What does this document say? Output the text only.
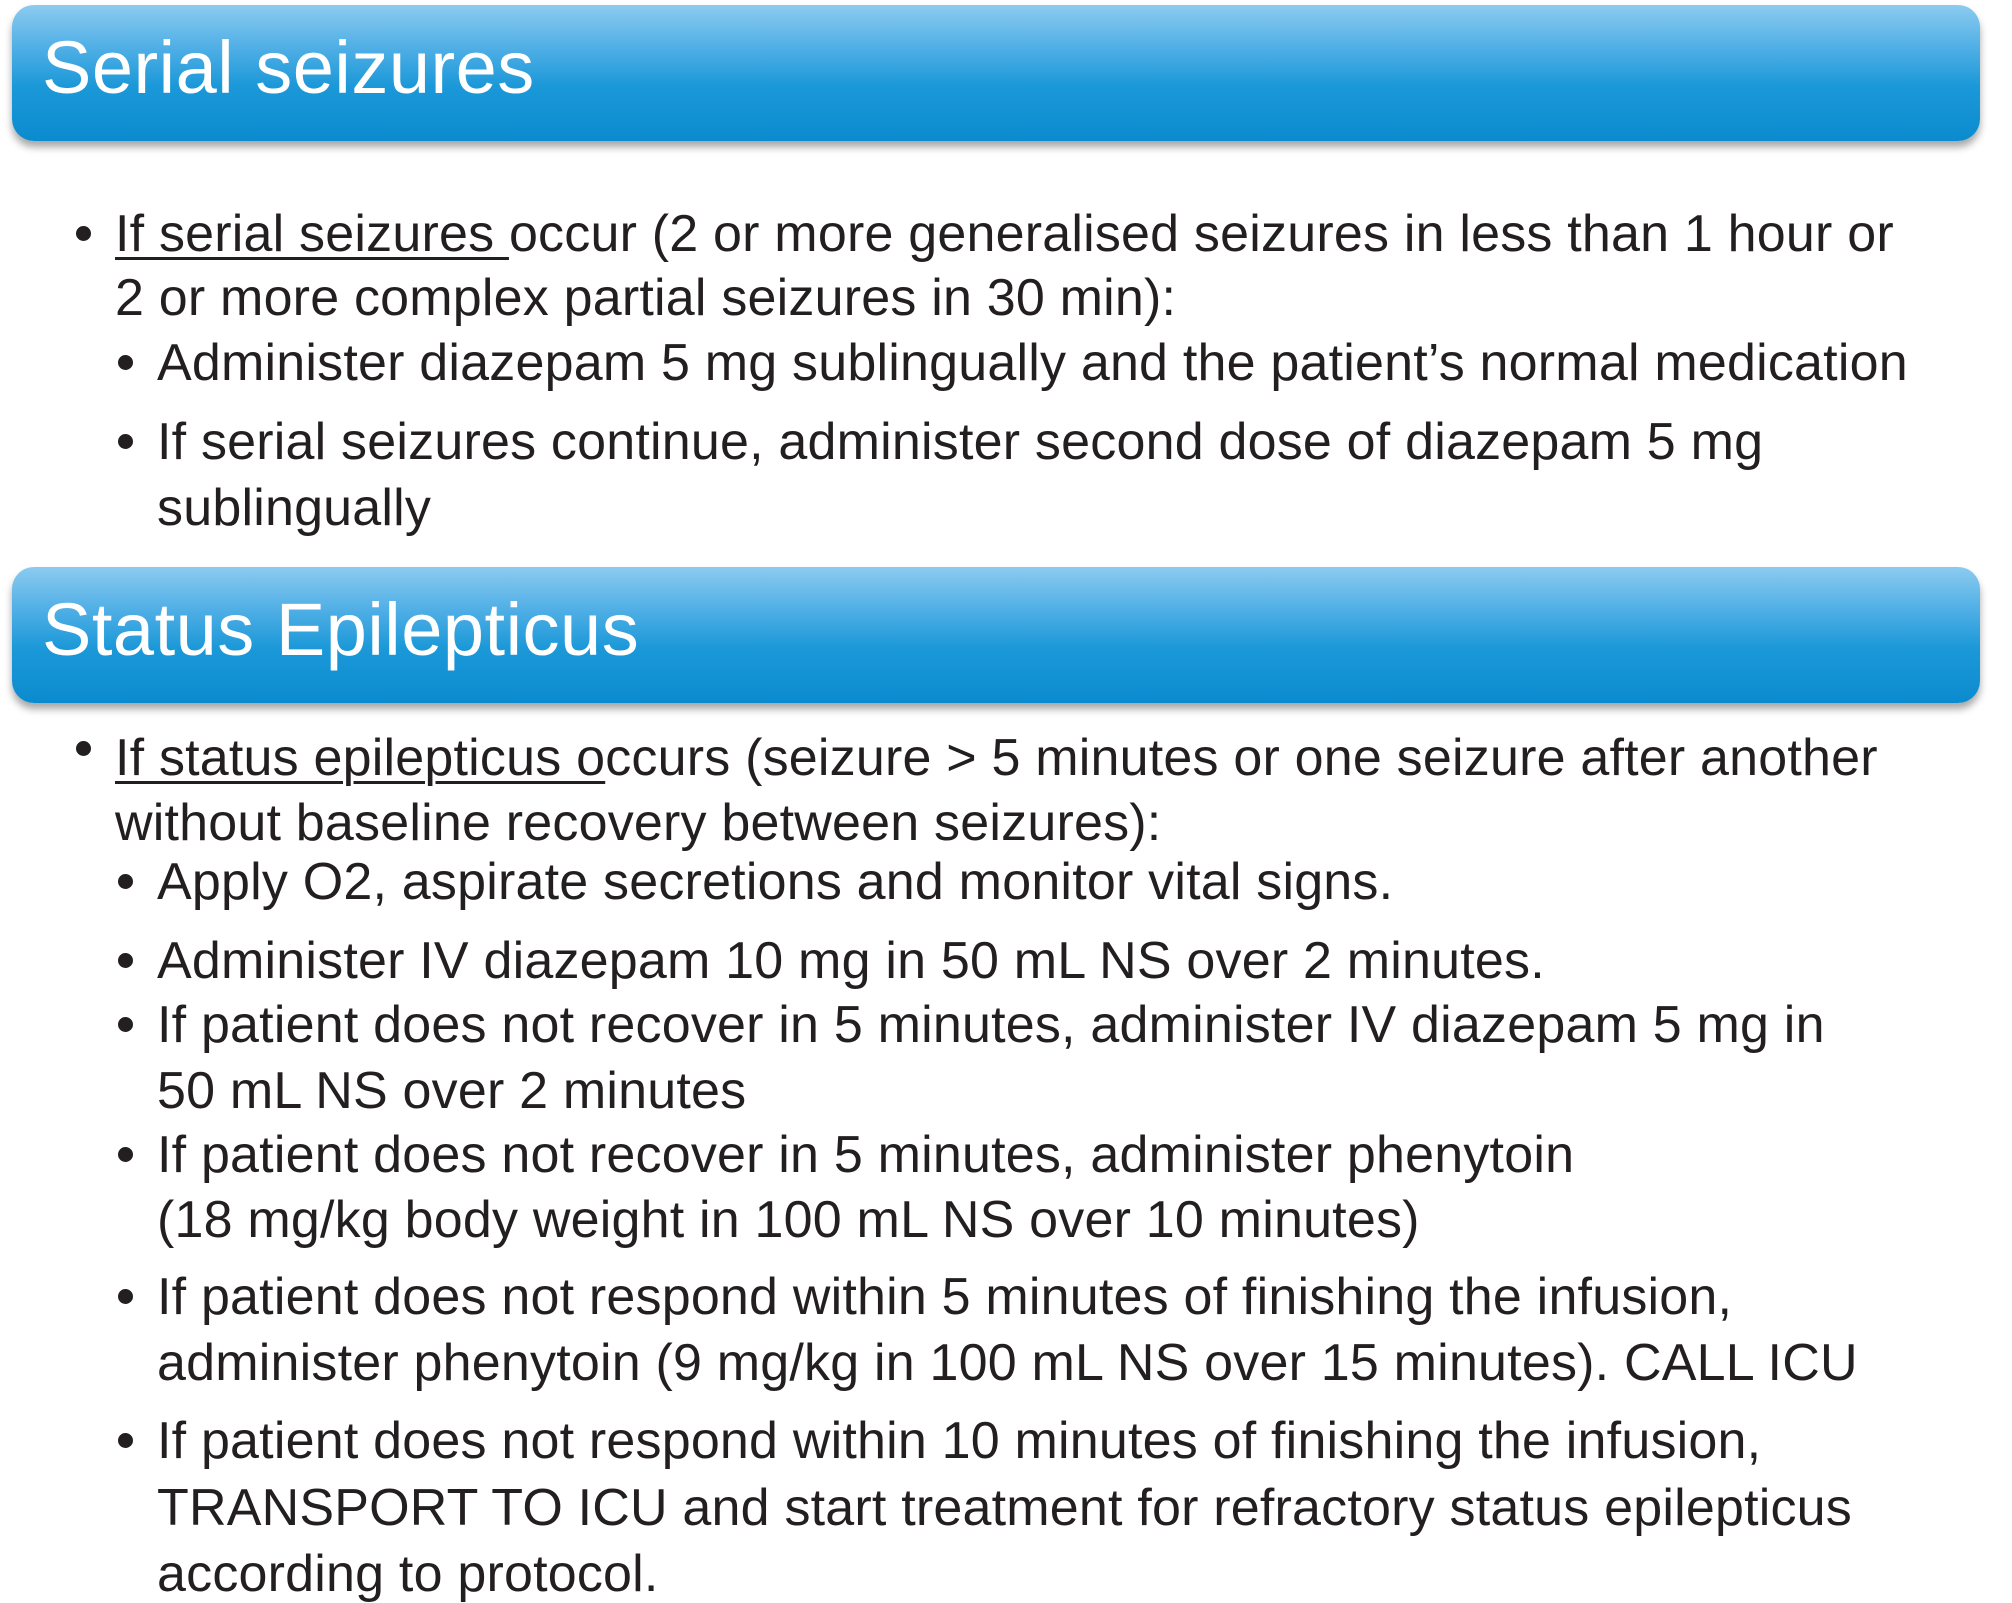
Serial seizures
If serial seizures occur (2 or more generalised seizures in less than 1 hour or
2 or more complex partial seizures in 30 min):
Administer diazepam 5 mg sublingually and the patient’s normal medication
If serial seizures continue, administer second dose of diazepam 5 mg
sublingually
Status Epilepticus
If status epilepticus occurs (seizure > 5 minutes or one seizure after another
without baseline recovery between seizures):
Apply O2, aspirate secretions and monitor vital signs.
Administer IV diazepam 10 mg in 50 mL NS over 2 minutes.
If patient does not recover in 5 minutes, administer IV diazepam 5 mg in
50 mL NS over 2 minutes
If patient does not recover in 5 minutes, administer phenytoin
(18 mg/kg body weight in 100 mL NS over 10 minutes)
If patient does not respond within 5 minutes of finishing the infusion,
administer phenytoin (9 mg/kg in 100 mL NS over 15 minutes). CALL ICU
If patient does not respond within 10 minutes of finishing the infusion,
TRANSPORT TO ICU and start treatment for refractory status epilepticus
according to protocol.
